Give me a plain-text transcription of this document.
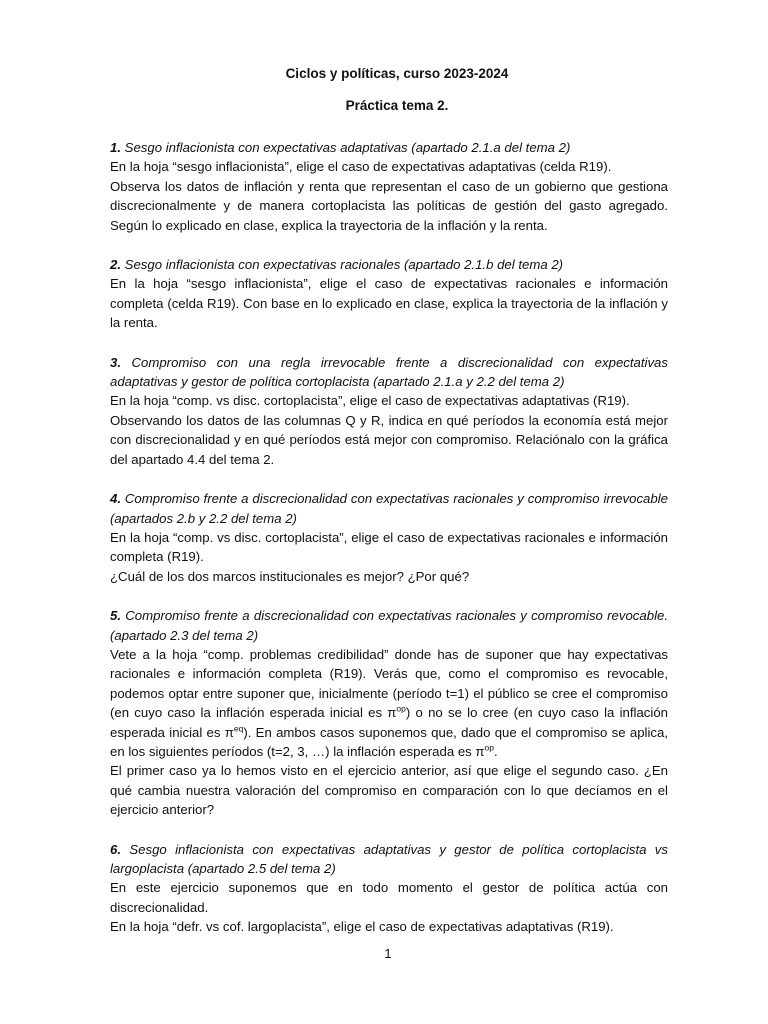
Ciclos y políticas, curso 2023-2024
Práctica tema 2.
1. Sesgo inflacionista con expectativas adaptativas (apartado 2.1.a del tema 2)

En la hoja “sesgo inflacionista”, elige el caso de expectativas adaptativas (celda R19).

Observa los datos de inflación y renta que representan el caso de un gobierno que gestiona discrecionalmente y de manera cortoplacista las políticas de gestión del gasto agregado. Según lo explicado en clase, explica la trayectoria de la inflación y la renta.

2. Sesgo inflacionista con expectativas racionales (apartado 2.1.b del tema 2)

En la hoja “sesgo inflacionista”, elige el caso de expectativas racionales e información completa (celda R19). Con base en lo explicado en clase, explica la trayectoria de la inflación y la renta.

3. Compromiso con una regla irrevocable frente a discrecionalidad con expectativas adaptativas y gestor de política cortoplacista (apartado 2.1.a y 2.2 del tema 2)

En la hoja “comp. vs disc. cortoplacista”, elige el caso de expectativas adaptativas (R19).

Observando los datos de las columnas Q y R, indica en qué períodos la economía está mejor con discrecionalidad y en qué períodos está mejor con compromiso. Relaciónalo con la gráfica del apartado 4.4 del tema 2.

4. Compromiso frente a discrecionalidad con expectativas racionales y compromiso irrevocable (apartados 2.b y 2.2 del tema 2)

En la hoja “comp. vs disc. cortoplacista”, elige el caso de expectativas racionales e información completa (R19).

¿Cuál de los dos marcos institucionales es mejor? ¿Por qué?

5. Compromiso frente a discrecionalidad con expectativas racionales y compromiso revocable. (apartado 2.3 del tema 2)

Vete a la hoja “comp. problemas credibilidad” donde has de suponer que hay expectativas racionales e información completa (R19). Verás que, como el compromiso es revocable, podemos optar entre suponer que, inicialmente (período t=1) el público se cree el compromiso (en cuyo caso la inflación esperada inicial es $\pi^{op}$) o no se lo cree (en cuyo caso la inflación esperada inicial es $\pi^{eq}$). En ambos casos suponemos que, dado que el compromiso se aplica, en los siguientes períodos (t=2, 3, …) la inflación esperada es $\pi^{op}$.

El primer caso ya lo hemos visto en el ejercicio anterior, así que elige el segundo caso. ¿En qué cambia nuestra valoración del compromiso en comparación con lo que decíamos en el ejercicio anterior?

6. Sesgo inflacionista con expectativas adaptativas y gestor de política cortoplacista vs largoplacista (apartado 2.5 del tema 2)

En este ejercicio suponemos que en todo momento el gestor de política actúa con discrecionalidad.

En la hoja “defr. vs cof. largoplacista”, elige el caso de expectativas adaptativas (R19).

1
